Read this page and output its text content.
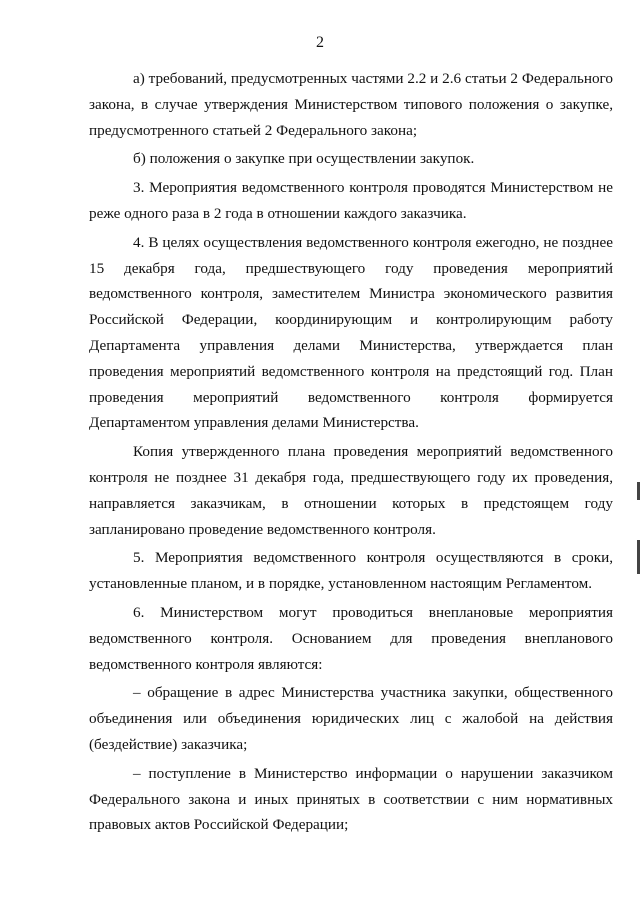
2

а) требований, предусмотренных частями 2.2 и 2.6 статьи 2 Федерального закона, в случае утверждения Министерством типового положения о закупке, предусмотренного статьей 2 Федерального закона;

б) положения о закупке при осуществлении закупок.

3. Мероприятия ведомственного контроля проводятся Министерством не реже одного раза в 2 года в отношении каждого заказчика.

4. В целях осуществления ведомственного контроля ежегодно, не позднее 15 декабря года, предшествующего году проведения мероприятий ведомственного контроля, заместителем Министра экономического развития Российской Федерации, координирующим и контролирующим работу Департамента управления делами Министерства, утверждается план проведения мероприятий ведомственного контроля на предстоящий год. План проведения мероприятий ведомственного контроля формируется Департаментом управления делами Министерства.

Копия утвержденного плана проведения мероприятий ведомственного контроля не позднее 31 декабря года, предшествующего году их проведения, направляется заказчикам, в отношении которых в предстоящем году запланировано проведение ведомственного контроля.

5. Мероприятия ведомственного контроля осуществляются в сроки, установленные планом, и в порядке, установленном настоящим Регламентом.

6. Министерством могут проводиться внеплановые мероприятия ведомственного контроля. Основанием для проведения внепланового ведомственного контроля являются:

– обращение в адрес Министерства участника закупки, общественного объединения или объединения юридических лиц с жалобой на действия (бездействие) заказчика;

– поступление в Министерство информации о нарушении заказчиком Федерального закона и иных принятых в соответствии с ним нормативных правовых актов Российской Федерации;
